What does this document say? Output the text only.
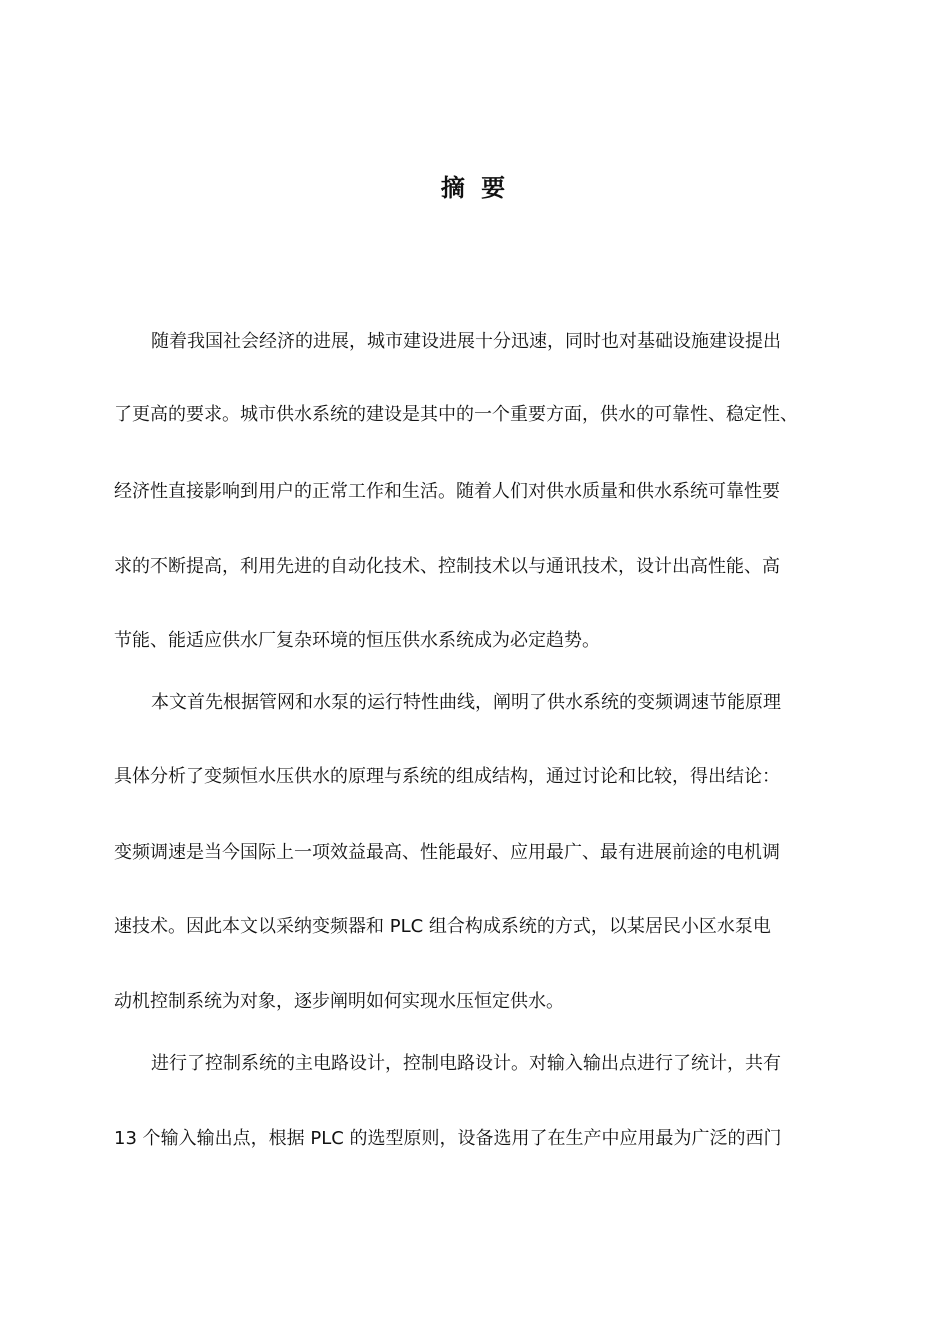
摘 要
随着我国社会经济的进展，城市建设进展十分迅速，同时也对基础设施建设提出
了更高的要求。城市供水系统的建设是其中的一个重要方面，供水的可靠性、稳定性、
经济性直接影响到用户的正常工作和生活。随着人们对供水质量和供水系统可靠性要
求的不断提高，利用先进的自动化技术、控制技术以与通讯技术，设计出高性能、高
节能、能适应供水厂复杂环境的恒压供水系统成为必定趋势。
本文首先根据管网和水泵的运行特性曲线，阐明了供水系统的变频调速节能原理
具体分析了变频恒水压供水的原理与系统的组成结构，通过讨论和比较，得出结论：
变频调速是当今国际上一项效益最高、性能最好、应用最广、最有进展前途的电机调
速技术。因此本文以采纳变频器和 PLC 组合构成系统的方式，以某居民小区水泵电
动机控制系统为对象，逐步阐明如何实现水压恒定供水。
进行了控制系统的主电路设计，控制电路设计。对输入输出点进行了统计，共有
13 个输入输出点，根据 PLC 的选型原则，设备选用了在生产中应用最为广泛的西门
